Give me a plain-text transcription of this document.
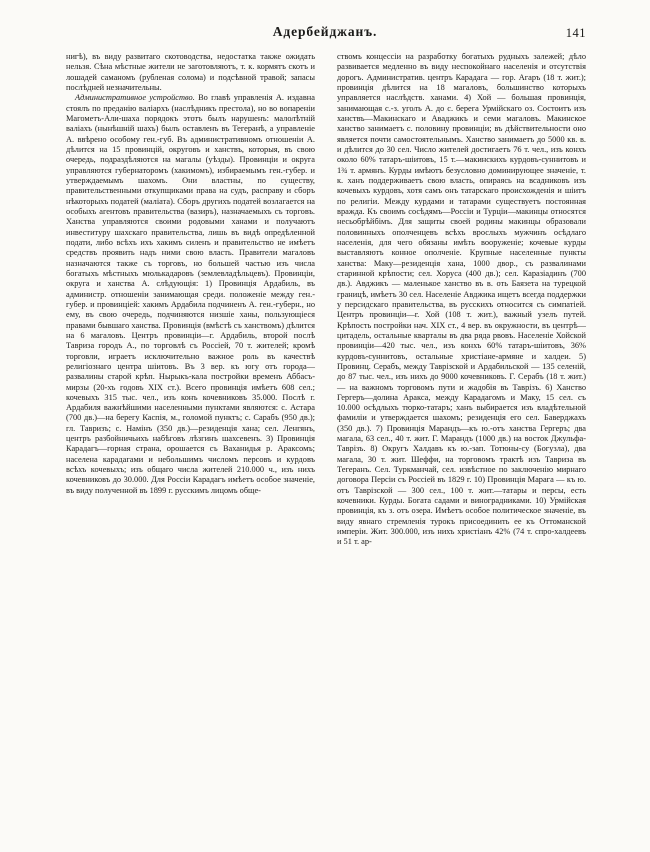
Адербейджанъ.	141

нигѣ), въ виду развитаго скотоводства, недостатка также ожидать нельзя. Сѣна мѣстные жители не заготовляютъ, т. к. кормятъ скотъ и лошадей саманомъ (рубленая солома) и подсѣвной травой; запасы послѣдней незначительны.

Административное устройство. Во главѣ управленія А. издавна стоялъ по преданію валіархъ (наслѣдникъ престола), но во вопаренiи Магометъ-Али-шаха порядокъ этотъ былъ нарушенъ: малолѣтній валіахъ (нынѣшній шахъ) былъ оставленъ въ Тегеранѣ, а управленіе А. ввѣрено особому ген.-губ. Въ административномъ отношеніи А. дѣлится на 15 провинцій, округовъ и ханствъ, которыя, въ свою очередь, подраздѣляются на магалы (уѣзды). Провинціи и округа управляются губернаторомъ (хакимомъ), избираемымъ ген.-губер. и утверждаемымъ шахомъ. Они властны, по существу, правительственными откупщиками права на судъ, расправу и сборъ нѣкоторыхъ податей (малiата). Сборъ другихъ податей возлагается на особыхъ агентовъ правительства (вазиръ), назначаемыхъ съ торговъ. Ханства управляются своими родовыми ханами и получаютъ инвеституру шахскаго правительства, лишь въ видѣ опредѣленной подати, либо всѣхъ ихъ хакимъ силенъ и правительство не имѣетъ средствъ проявить надъ ними свою власть. Правители магаловъ назначаются также съ торговъ, но большей частью изъ числа богатыхъ мѣстныхъ мюлькадаровъ (землевладѣльцевъ). Провинціи, округа и ханства А. слѣдующія: 1) Провинція Ардабиль, въ администр. отношеніи занимающая среди. положеніе между ген.-губер. и провинціей: хакимъ Ардабила подчиненъ А. ген.-губерн., но ему, въ свою очередь, подчиняются низшіе ханы, пользующіеся правами бывшаго ханства. Провинція (вмѣстѣ съ ханствомъ) дѣлится на 6 магаловъ. Центръ провинціи—г. Ардабиль, второй послѣ Тавриза городъ А., по торговлѣ съ Россіей, 70 т. жителей; кромѣ торговли, играетъ исключительно важное роль въ качествѣ религіознаго центра шіитовъ. Въ 3 вер. къ югу отъ города—развалины старой крѣп. Нырыкъ-кала постройки временъ Аббасъ-мирзы (20-хъ годовъ XIX ст.). Всего провинція имѣетъ 608 сел.; кочевыхъ 315 тыс. чел., изъ конъ кочевниковъ 35.000. Послѣ г. Ардабиля важнѣйшими населенными пунктами являются: с. Астара (700 дв.)—на берегу Каспія, м., голомой пунктъ; с. Сарабъ (950 дв.); гл. Тавризъ; с. Намінъ (350 дв.)—резиденція хана; сел. Ленгянъ, центръ разбойничьихъ набѣговъ лѣзгинъ шахсевенъ. 3) Провинція Карадагъ—горная страна, орошается съ Ваханидья р. Араксомъ; населена карадагами и небольшимъ числомъ персовъ и курдовъ всѣхъ кочевыхъ; изъ общаго числа жителей 210.000 ч., изъ нихъ кочевниковъ до 30.000. Для Россіи Карадагъ имѣетъ особое значеніе, въ виду полученной въ 1899 г. русскимъ лицомъ обще-

ствомъ концессіи на разработку богатыхъ рудныхъ залежей; дѣло развивается медленно въ виду неспокойнаго населенія и отсутствія дорогъ. Административ. центръ Карадага — гор. Агаръ (18 т. жит.); провинція дѣлится на 18 магаловъ, большинство которыхъ управляется наслѣдств. ханами. 4) Хой — большая провинція, занимающая с.-з. уголъ А. до с. берега Урмійскаго оз. Состоитъ изъ ханствъ—Макинскаго и Аваджикъ и семи магаловъ. Макинское ханство занимаетъ с. половину провинціи; въ дѣйствительности оно является почти самостоятельнымъ. Ханство занимаетъ до 5000 кв. в. и дѣлится до 30 сел. Число жителей достигаетъ 76 т. чел., изъ конхъ около 60% татаръ-шіитовъ, 15 т.—макинскихъ курдовъ-суннитовъ и 1¾ т. армянъ. Курды имѣютъ безусловно доминирующее значеніе, т. к. ханъ поддерживаетъ свою власть, опираясь на всадниковъ изъ кочевыхъ курдовъ, хотя самъ онъ татарскаго происхожденія и шіитъ по религіи. Между курдами и татарами существуетъ постоянная вражда. Къ своимъ сосѣдямъ—Россіи и Турціи—макинцы относятся несьобрѣйбімъ. Для защиты своей родины макинцы образовали половинныхъ ополченцевъ всѣхъ врослыхъ мужчинъ осѣдлаго населенія, для чего обязаны имѣть вооруженіе; кочевые курды выставляютъ конное ополченіе. Крупные населенные пункты ханства: Маку—резиденція хана, 1000 двор., съ развалинами старинной крѣпости; сел. Хоруса (400 дв.); сел. Каразіадинъ (700 дв.). Авджикъ — маленькое ханство въ в. оть Баязета на турецкой границѣ, имѣетъ 30 сел. Населеніе Авджика ищетъ всегда поддержки у персидскаго правительства, въ русскихъ относится съ симпатіей. Центръ провинціи—г. Хой (108 т. жит.), важный узелъ путей. Крѣпость постройки нач. XIX ст., 4 вер. въ окружности, въ центрѣ—цитадель, остальные кварталы въ два ряда рвовъ. Населеніе Хойской провинціи—420 тыс. чел., изъ конхъ 60% татаръ-шіитовъ, 36% курдовъ-суннитовъ, остальные христіане-армяне и халдеи. 5) Провинц. Серабъ, между Таврізской и Ардабильской — 135 селеній, до 87 тыс. чел., изъ нихъ до 9000 кочевниковъ. Г. Серабъ (18 т. жит.) — на важномъ торговомъ пути и жадобія въ Таврізъ. 6) Ханство Гергеръ—долина Аракса, между Карадагомъ и Маку, 15 сел. съ 10.000 осѣдлыхъ тюрко-татаръ; ханъ выбирается изъ владѣтельной фамиліи и утверждается шахомъ; резиденція его сел. Баверджахъ (350 дв.). 7) Провинція Марандъ—къ ю.-отъ ханства Гергеръ; два магала, 63 сел., 40 т. жит. Г. Марандъ (1000 дв.) на восток Джульфа-Таврізъ. 8) Округъ Халдавъ къ ю.-зап. Тотюны-су (Богузла), два магала, 30 т. жит. Шеффи, на торговомъ трактѣ изъ Тавриза въ Тегеранъ. Сел. Туркманчай, сел. извѣстное по заключенію мирнаго договора Персіи съ Россіей въ 1829 г. 10) Провинція Марага — къ ю. отъ Таврізской — 300 сел., 100 т. жит.—татары и персы, есть кочевники. Курды. Богата садами и виноградниками. 10) Урмійская провинція, къ з. отъ озера. Имѣетъ особое политическое значеніе, въ виду явнаго стремленія турокъ присоединить ее къ Оттоманской имперіи. Жит. 300.000, изъ нихъ христіанъ 42% (74 т. спро-халдеевъ и 51 т. ар-
